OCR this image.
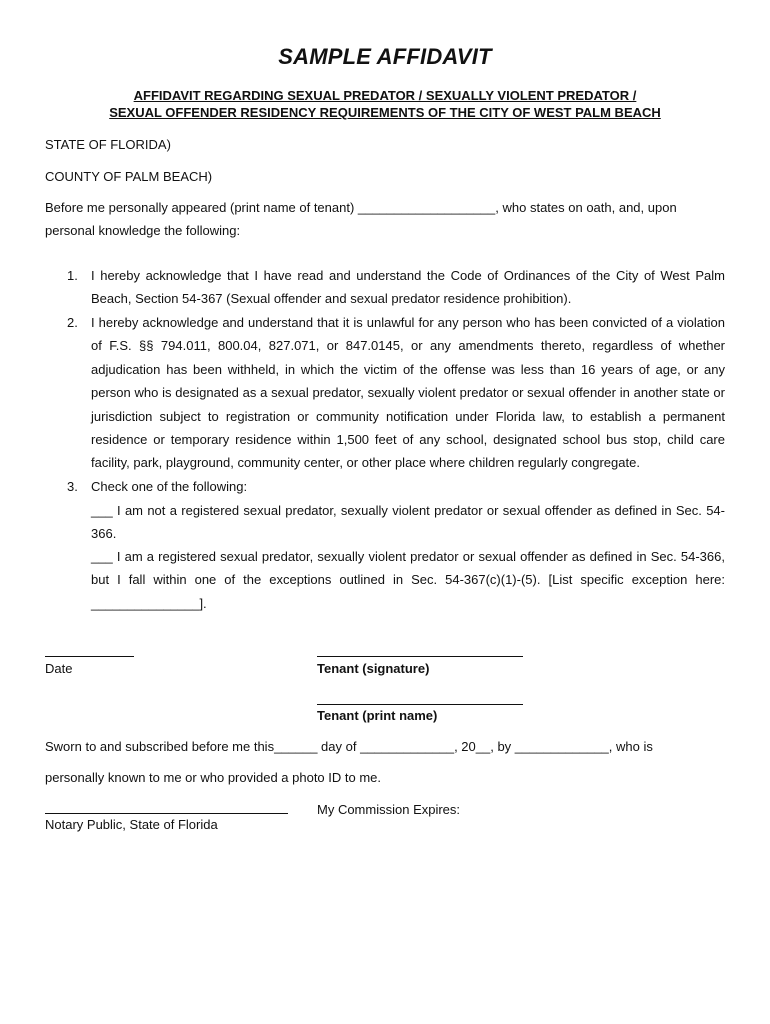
SAMPLE AFFIDAVIT
AFFIDAVIT REGARDING SEXUAL PREDATOR / SEXUALLY VIOLENT PREDATOR /
SEXUAL OFFENDER RESIDENCY REQUIREMENTS OF THE CITY OF WEST PALM BEACH
STATE OF FLORIDA)
COUNTY OF PALM BEACH)
Before me personally appeared (print name of tenant) ___________________, who states on oath, and, upon
personal knowledge the following:
1. I hereby acknowledge that I have read and understand the Code of Ordinances of the City of West Palm Beach, Section 54-367 (Sexual offender and sexual predator residence prohibition).
2. I hereby acknowledge and understand that it is unlawful for any person who has been convicted of a violation of F.S. §§ 794.011, 800.04, 827.071, or 847.0145, or any amendments thereto, regardless of whether adjudication has been withheld, in which the victim of the offense was less than 16 years of age, or any person who is designated as a sexual predator, sexually violent predator or sexual offender in another state or jurisdiction subject to registration or community notification under Florida law, to establish a permanent residence or temporary residence within 1,500 feet of any school, designated school bus stop, child care facility, park, playground, community center, or other place where children regularly congregate.
3. Check one of the following:
___ I am not a registered sexual predator, sexually violent predator or sexual offender as defined in Sec. 54-366.
___ I am a registered sexual predator, sexually violent predator or sexual offender as defined in Sec. 54-366, but I fall within one of the exceptions outlined in Sec. 54-367(c)(1)-(5). [List specific exception here: _______________].
Date	Tenant (signature)
Tenant (print name)
Sworn to and subscribed before me this______ day of _____________, 20__, by _____________, who is
personally known to me or who provided a photo ID to me.
My Commission Expires:
Notary Public, State of Florida
